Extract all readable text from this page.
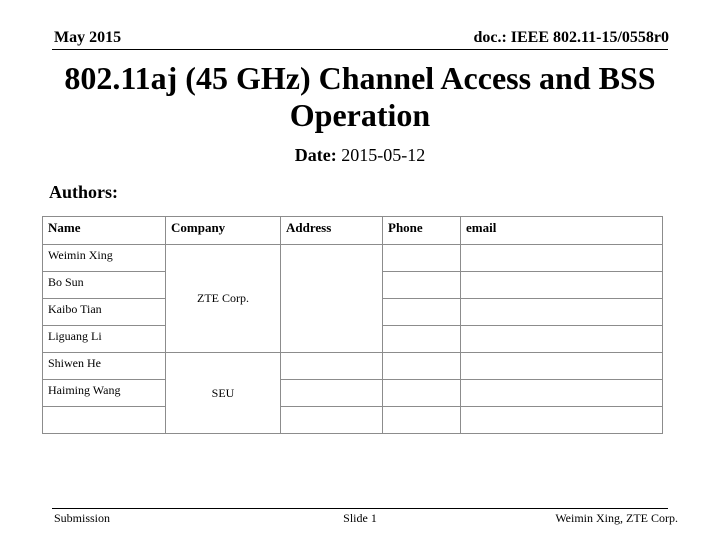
May 2015	doc.: IEEE 802.11-15/0558r0
802.11aj (45 GHz) Channel Access and BSS Operation
Date: 2015-05-12
Authors:
Name	Company	Address	Phone	email
Weimin Xing	ZTE Corp.			
Bo Sun				
Kaibo Tian				
Liguang Li				
Shiwen He	SEU			
Haiming Wang				

Submission	Slide 1	Weimin Xing, ZTE Corp.
